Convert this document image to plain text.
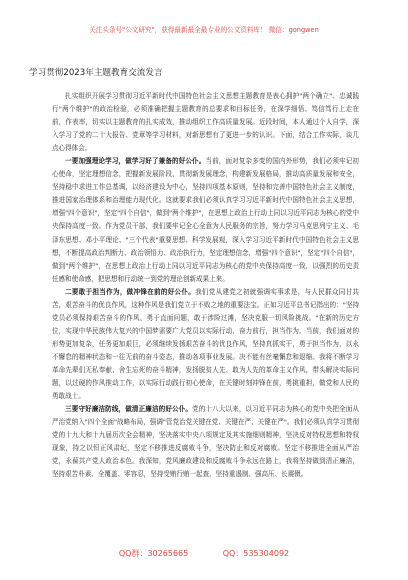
关注头条号"公文研究"，获得最新最全最专业的公文资料库！ 微信：gongwen
学习贯彻2023年主题教育交流发言

扎实组织开展学习贯彻习近平新时代中国特色社会主义思想主题教育是表心拥护"两个确立"、忠诚践行"两个维护"的政治检验，必须准确把握主题教育的总要求和目标任务，在深学细悟、笃信笃行上走在前，作表率，切实以主题教育的扎实成效，推动组织工作高质量发展。近段时间，本人通过个人自学，深入学习了党的二十大报告、党章等学习材料，对新思想有了更进一步的认识。下面，结合工作实际，谈几点心得体会。

一要加强理论学习，做学习好了兼备的好公仆。当前，面对复杂多变的国内外形势，我们必须牢记初心使命，坚定理想信念，把握新发展阶段，贯彻新发展理念，构建新发展格局，推动高质量发展和安全，坚持稳中求进工作总基调，以经济建设为中心，坚持四项基本原则，坚持和完善中国特色社会主义制度，推进国家治理体系和治理能力现代化。这就要求我们必须认真学习习近平新时代中国特色社会主义思想，增强"四个意识"，坚定"四个自信"，做到"两个维护"，在思想上政治上行动上同以习近平同志为核心的党中央保持高度一致。作为党员干部，我们要牢记全心全意为人民服务的宗旨，努力学习马克思列宁主义、毛泽东思想、邓小平理论、"三个代表"重要思想、科学发展观，深入学习习近平新时代中国特色社会主义思想，不断提高政治判断力、政治领悟力、政治执行力，坚定理想信念，增强"四个意识"，坚定"四个自信"，做到"两个维护"，在思想上政治上行动上同以习近平同志为核心的党中央保持高度一致，以强烈的历史责任感和使命感，把思想和行动统一到党的理论创新成果上来。

二要敢于担当作为，做冲锋在前的好公仆。我们党从建党之初就强调实事求是，与人民群众同甘共苦，艰苦奋斗的优良作风，这种作风是我们党立于不败之地的重要法宝。正如习近平总书记指出的："坚持党员必须保持艰苦奋斗的作风，勇于直面问题，敢于涉险过滩，坚决克服一切风险挑战。"在新的历史方位，实现中华民族伟大复兴的中国梦需要广大党员以实际行动、奋力前行，担当作为。当前，我们面对的形势更加复杂，任务更加艰巨，必须继续发扬艰苦奋斗的优良作风，坚持真抓实干，勇于担当作为，以永不懈怠的精神状态和一往无前的奋斗姿态，推动各项事业发展。决不能有丝毫懈怠和退缩。我将不断学习革命先辈们无私奉献、舍生忘死的奋斗精神，发扬脱贫人先、敢为人先的革命主义作风，带头解决实际问题，以过硬的作风推动工作，以实际行动践行初心使命，在关键时刻冲锋在前，勇挑重担，做党和人民的勇敢战士。

三要守好廉洁防线，做清正廉洁的好公仆。党的十八大以来，以习近平同志为核心的党中央把全面从严治党纳入"四个全面"战略布局，强调"管党治党关键在党、关键在严、关键在严"。我们必须认真学习贯彻党的十九大和十九届历次全会精神，坚决落实中央八项规定及其实施细则精神，坚决反对特权思想和特权现象，持之以恒正风肃纪，坚定不移推进反腐败斗争，坚决防止和反对腐败。坚定不移推进全面从严治党，永葆共产党人政治本色。我深知，党风廉政建设和反腐败斗争永远在路上，我将坚持做到清正廉洁，坚持艰苦朴素、全覆盖、零容忍，坚持受贿行贿一起查，坚持重遏制、强高压、长震慑。

QQ群：30265665	QQ：535304092
